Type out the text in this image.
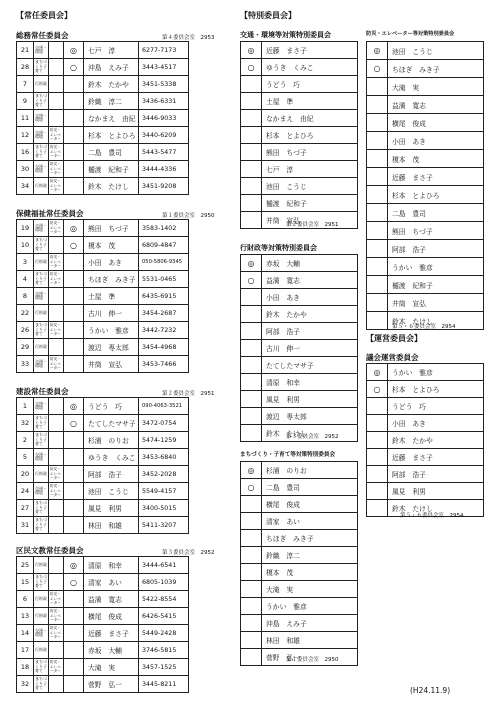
【常任委員会】	【特別委員会】
【運営委員会】
総務常任委員会	第４委員会室　2953
21	交通・環境		◎	七戸　淳	6277-7173
28	まちづくり子育て		○	沖島　えみ子	3443-4517
7	行財政			鈴木　たかや	3451-5338
9	まちづくり子育て			鈴織　淳二	3436-6331
11	交通・環境			なかまえ　由紀	3446-9033
12	交通・環境	防災・エレベーター		杉本　とよひろ	3440-6209
16	まちづくり子育て	防災・エレベーター		二島　豊司	5443-5477
30	交通・環境	防災・エレベーター		樋渡　紀和子	3444-4336
34	行財政	防災・エレベーター		鈴木　たけし	3451-9208
保健福祉常任委員会	第１委員会室　2950
19	交通・環境	防災・エレベーター	◎	熊田　ちづ子	3583-1402
10	まちづくり子育て		○	榎本　茂	6809-4847
3	行財政	防災・エレベーター		小田　あき	050-5806-9345
4	まちづくり子育て	防災・エレベーター		ちほぎ　みき子	5531-0465
8	交通・環境			土屋　準	6435-6915
22	行財政			古川　伸一	3454-2687
26	まちづくり子育て	防災・エレベーター		うかい　雅彦	3442-7232
29	行財政			渡辺　専太郎	3454-4968
33	交通・環境	防災・エレベーター		井筒　宣弘	3453-7466
建設常任委員会	第２委員会室　2951
1	交通・環境		◎	うどう　巧	090-4063-3521
32	まちづくり子育て		○	たてしたマサ子	3472-0754
2	まちづくり子育て			杉浦　のりお	5474-1259
5	交通・環境			ゆうき　くみこ	3453-6840
20	行財政	防災・エレベーター		阿部　浩子	3452-2028
24	交通・環境	防災・エレベーター		池田　こうじ	5549-4157
27	まちづくり子育て			風見　利男	3400-5015
31	まちづくり子育て			林田　和雄	5411-3207
区民文教常任委員会	第３委員会室　2952
25	行財政		◎	清原　和幸	3444-6541
15	まちづくり子育て		○	清家　あい	6805-1039
6	行財政	防災・エレベーター		益満　寛志	5422-8554
13	行財政	防災・エレベーター		横尾　俊成	6426-5415
14	交通・環境	防災・エレベーター		近藤　まさ子	5449-2428
17	行財政			赤坂　大輔	3746-5815
18	まちづくり子育て	防災・エレベーター		大滝　実	3457-1525
32	まちづくり子育て			菅野　弘一	3445-8211
交通・環境等対策特別委員会
◎	近藤　まさ子
○	ゆうき　くみこ
	うどう　巧
	土屋　準
	なかまえ　由紀
	杉本　とよひろ
	熊田　ちづ子
	七戸　淳
	池田　こうじ
	樋渡　紀和子
	井筒　宣弘
第２委員会室　2951
行財政等対策特別委員会
◎	赤坂　大輔
○	益満　寛志
	小田　あき
	鈴木　たかや
	阿部　浩子
	古川　伸一
	たてしたマサ子
	清原　和幸
	風見　利男
	渡辺　専太郎
	鈴木　たけし
第３委員会室　2952
まちづくり・子育て等対策特別委員会
◎	杉浦　のりお
○	二島　豊司
	横尾　俊成
	清家　あい
	ちほぎ　みき子
	鈴織　淳二
	榎本　茂
	大滝　実
	うかい　雅彦
	沖島　えみ子
	林田　和雄
	菅野　弘一
第１委員会室　2950
防災・エレベーター等対策特別委員会
◎	池田　こうじ
○	ちほぎ　みき子
	大滝　実
	益満　寛志
	横尾　俊成
	小田　あき
	榎本　茂
	近藤　まさ子
	杉本　とよひろ
	二島　豊司
	熊田　ちづ子
	阿部　浩子
	うかい　雅彦
	樋渡　紀和子
	井筒　宣弘
	鈴木　たけし
第５・６委員会室　2954
議会運営委員会
◎	うかい　雅彦
○	杉本　とよひろ
	うどう　巧
	小田　あき
	鈴木　たかや
	近藤　まさ子
	阿部　浩子
	風見　利男
	鈴木　たけし
第５・６委員会室　2954
(H24.11.9)
